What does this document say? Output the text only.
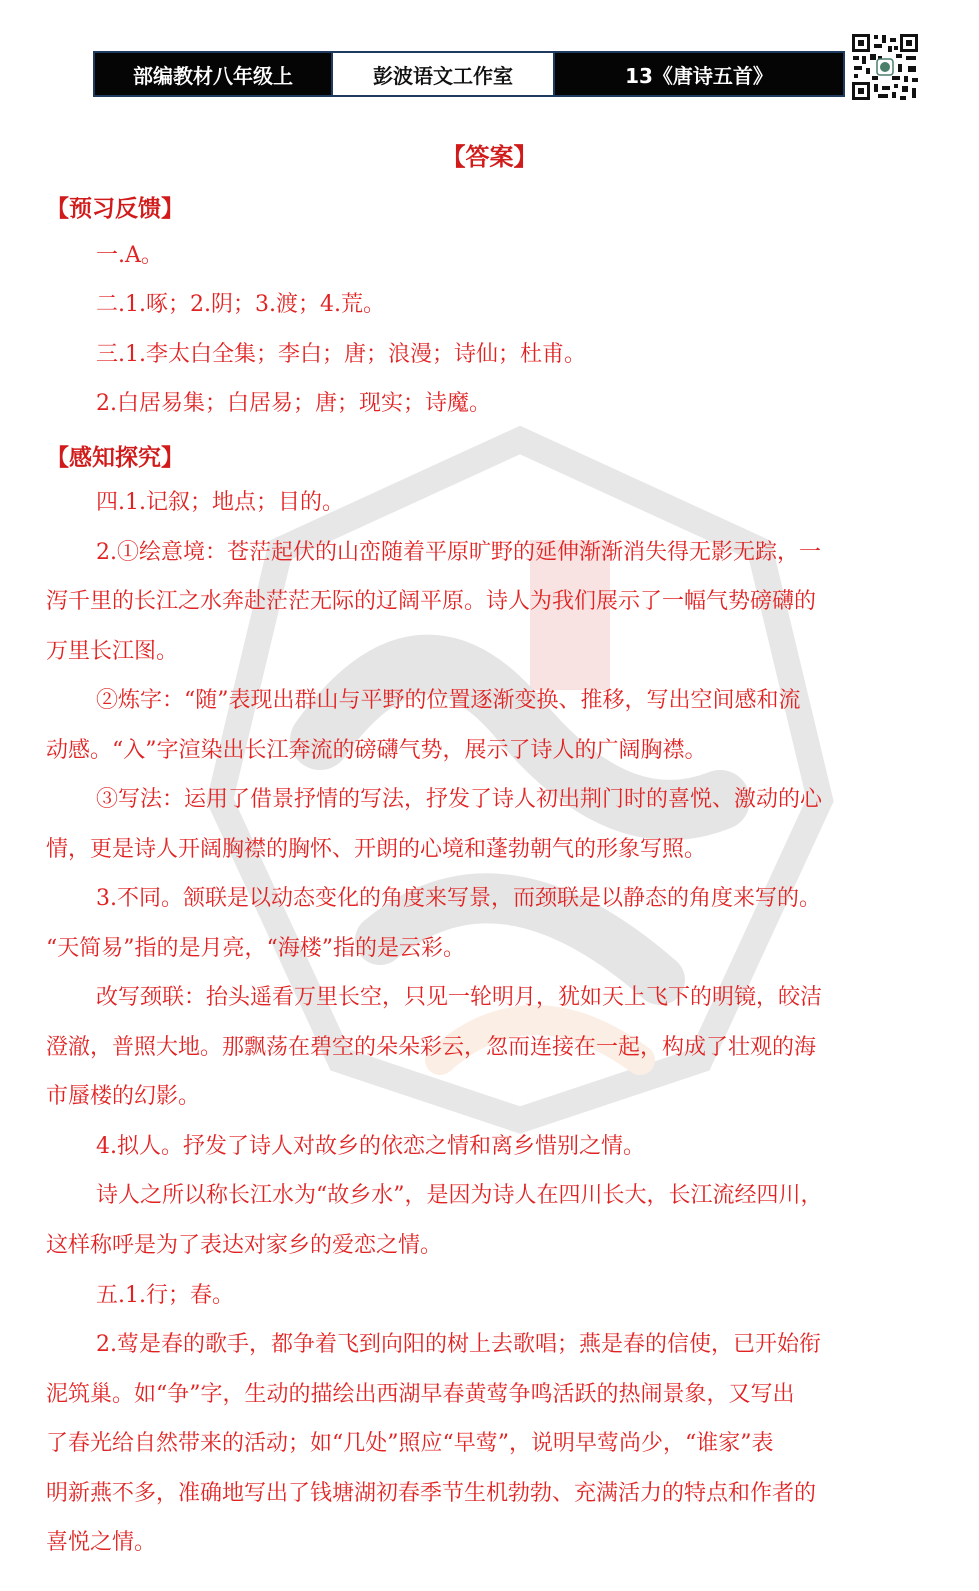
部编教材八年级上	彭波语文工作室	13《唐诗五首》
【答案】
【预习反馈】
【感知探究】
一.A。
二.1.啄；2.阴；3.渡；4.荒。
三.1.李太白全集；李白；唐；浪漫；诗仙；杜甫。
2.白居易集；白居易；唐；现实；诗魔。
四.1.记叙；地点；目的。
2.①绘意境：苍茫起伏的山峦随着平原旷野的延伸渐渐消失得无影无踪，一
泻千里的长江之水奔赴茫茫无际的辽阔平原。诗人为我们展示了一幅气势磅礴的
万里长江图。
②炼字：“随”表现出群山与平野的位置逐渐变换、推移，写出空间感和流
动感。“入”字渲染出长江奔流的磅礴气势，展示了诗人的广阔胸襟。
③写法：运用了借景抒情的写法，抒发了诗人初出荆门时的喜悦、激动的心
情，更是诗人开阔胸襟的胸怀、开朗的心境和蓬勃朝气的形象写照。
3.不同。颔联是以动态变化的角度来写景，而颈联是以静态的角度来写的。
“天简易”指的是月亮，“海楼”指的是云彩。
改写颈联：抬头遥看万里长空，只见一轮明月，犹如天上飞下的明镜，皎洁
澄澈，普照大地。那飘荡在碧空的朵朵彩云，忽而连接在一起，构成了壮观的海
市蜃楼的幻影。
4.拟人。抒发了诗人对故乡的依恋之情和离乡惜别之情。
诗人之所以称长江水为“故乡水”，是因为诗人在四川长大，长江流经四川，
这样称呼是为了表达对家乡的爱恋之情。
五.1.行；春。
2.莺是春的歌手，都争着飞到向阳的树上去歌唱；燕是春的信使，已开始衔
泥筑巢。如“争”字，生动的描绘出西湖早春黄莺争鸣活跃的热闹景象，又写出
了春光给自然带来的活动；如“几处”照应“早莺”，说明早莺尚少，“谁家”表
明新燕不多，准确地写出了钱塘湖初春季节生机勃勃、充满活力的特点和作者的
喜悦之情。
